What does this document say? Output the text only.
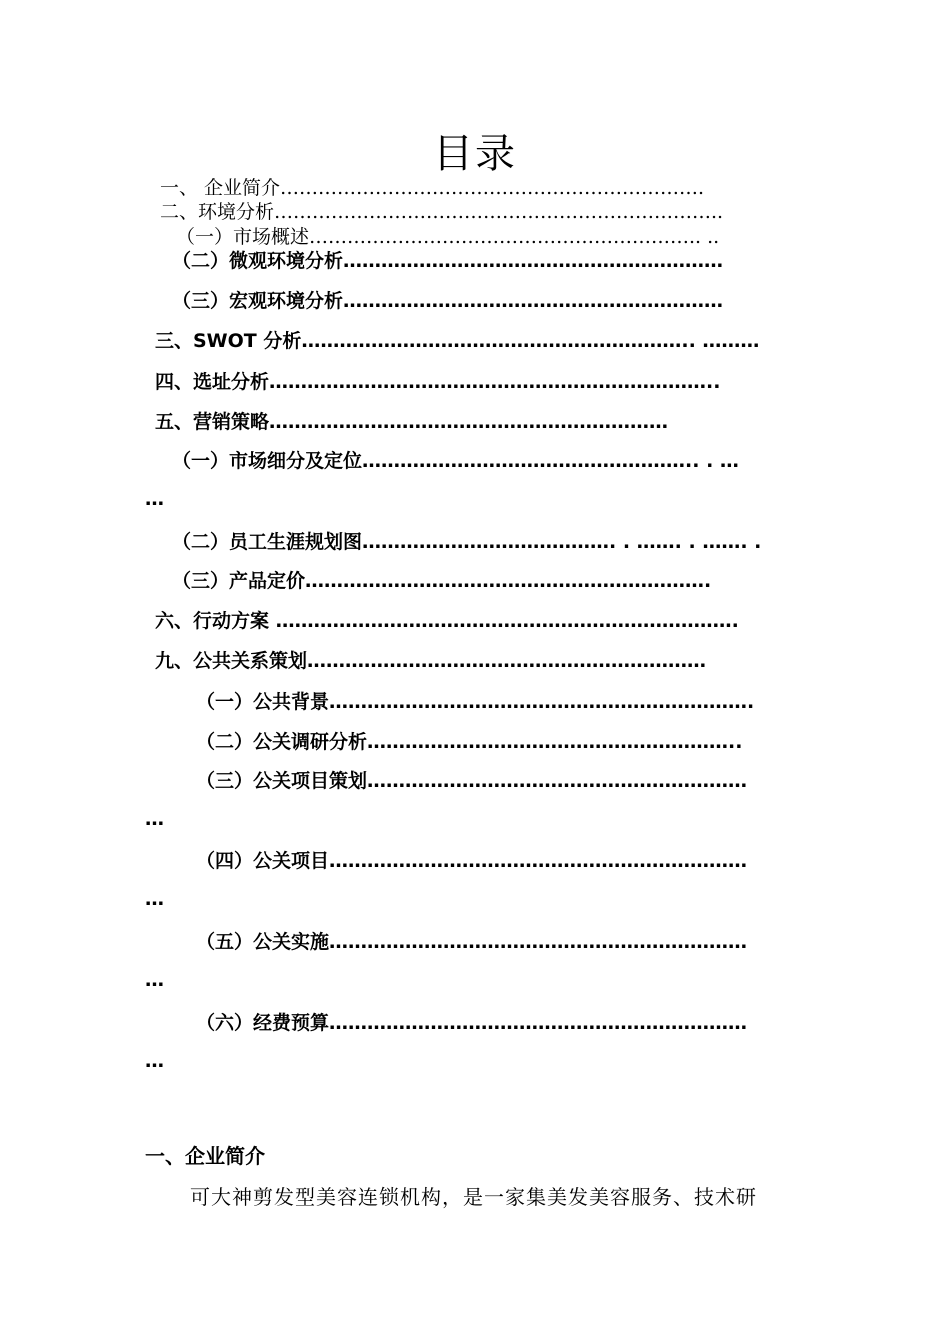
目录
一、 企业简介………………………………………………………….
二、环境分析……………………………………………………………..
（一）市场概述…………………………………………………….. ..
（二）微观环境分析……………………………………………………
（三）宏观环境分析……………………………………………………
三、SWOT 分析…………………………………………………….. ………
四、选址分析……………………………………………………………..
五、营销策略………………………………………………………
（一）市场细分及定位…………………………………………….. . …
…
（二）员工生涯规划图…………………………………. . ……. . ……. .
（三）产品定价……………………………………………………….
六、行动方案 ……………………………………………………………….
九、公共关系策划………………………………………………………
（一）公共背景………………………………………………………….
（二）公关调研分析…………………………………………………..
（三）公关项目策划……………………………………………………
…
（四）公关项目…………………………………………………………
…
（五）公关实施…………………………………………………………
…
（六）经费预算…………………………………………………………
…
一、企业简介

可大神剪发型美容连锁机构，是一家集美发美容服务、技术研
